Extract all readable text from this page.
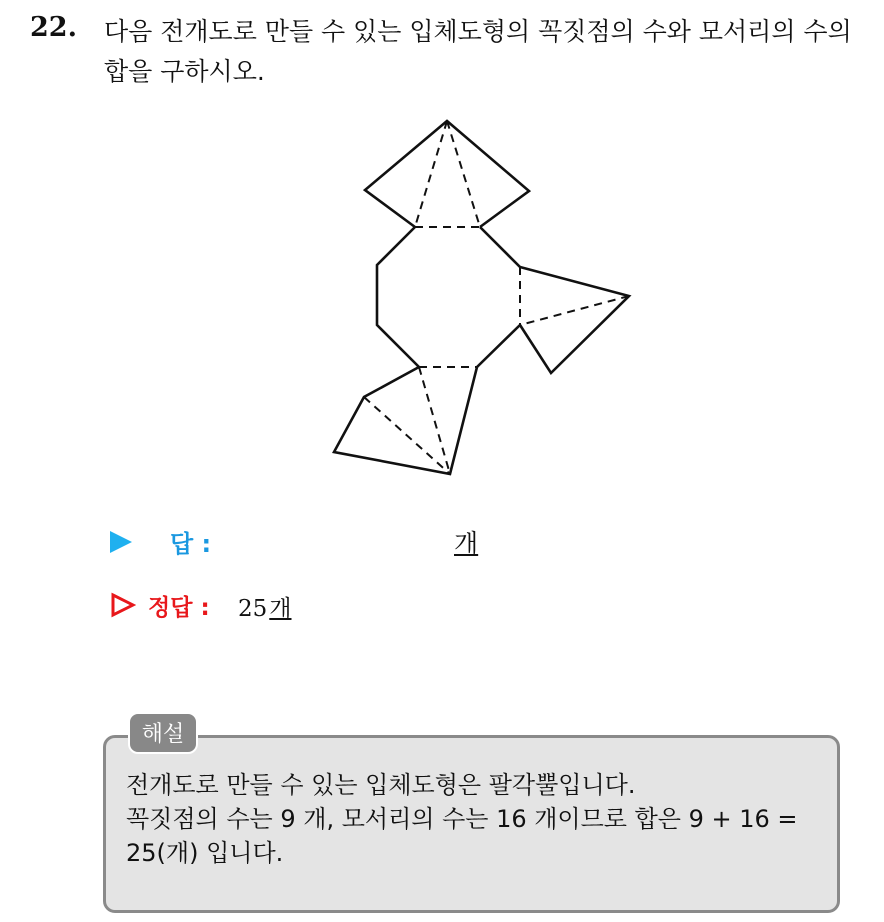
22. 다음 전개도로 만들 수 있는 입체도형의 꼭짓점의 수와 모서리의 수의
합을 구하시오.
답 :	개
정답 : 25개
해설
전개도로 만들 수 있는 입체도형은 팔각뿔입니다.
꼭짓점의 수는 9 개, 모서리의 수는 16 개이므로 합은 9 + 16 =
25(개) 입니다.
